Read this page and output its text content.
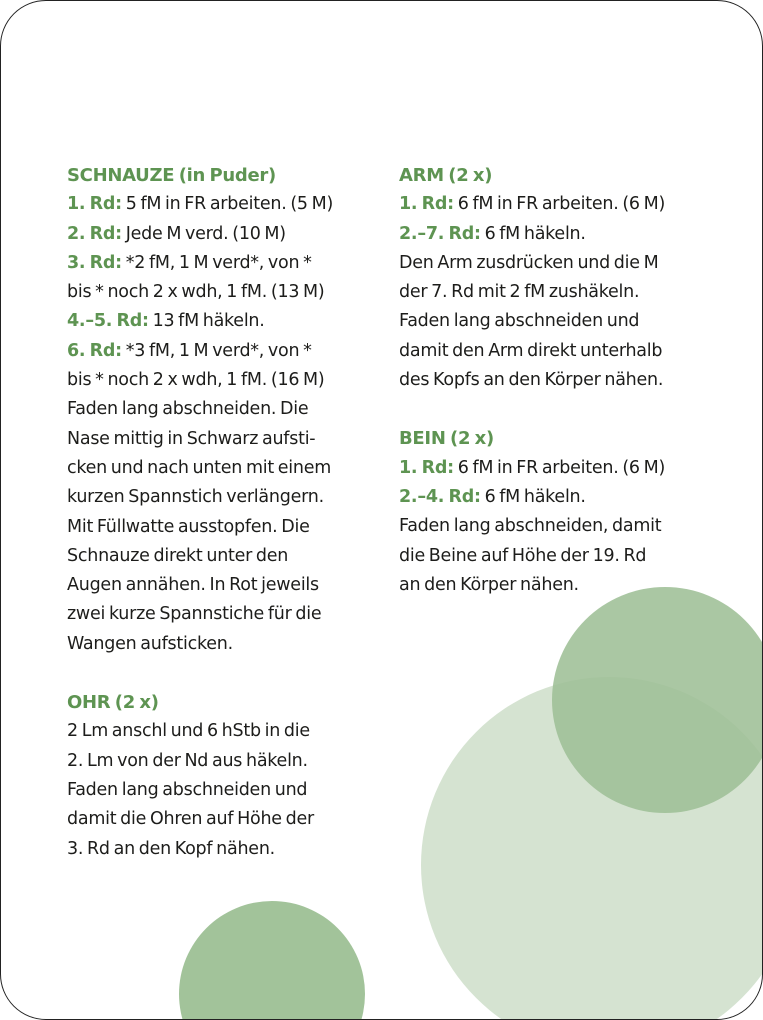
SCHNAUZE (in Puder)

1. Rd: 5 fM in FR arbeiten. (5 M)

2. Rd: Jede M verd. (10 M)

3. Rd: *2 fM, 1 M verd*, von *

bis * noch 2 x wdh, 1 fM. (13 M)

4.–5. Rd: 13 fM häkeln.

6. Rd: *3 fM, 1 M verd*, von *

bis * noch 2 x wdh, 1 fM. (16 M)

Faden lang abschneiden. Die
Nase mittig in Schwarz aufsti-
cken und nach unten mit einem
kurzen Spannstich verlängern.
Mit Füllwatte ausstopfen. Die
Schnauze direkt unter den
Augen annähen. In Rot jeweils
zwei kurze Spannstiche für die
Wangen aufsticken.

OHR (2 x)

2 Lm anschl und 6 hStb in die
2. Lm von der Nd aus häkeln.
Faden lang abschneiden und
damit die Ohren auf Höhe der
3. Rd an den Kopf nähen.

ARM (2 x)

1. Rd: 6 fM in FR arbeiten. (6 M)

2.–7. Rd: 6 fM häkeln.

Den Arm zusdrücken und die M
der 7. Rd mit 2 fM zushäkeln.
Faden lang abschneiden und
damit den Arm direkt unterhalb
des Kopfs an den Körper nähen.

BEIN (2 x)

1. Rd: 6 fM in FR arbeiten. (6 M)

2.–4. Rd: 6 fM häkeln.

Faden lang abschneiden, damit
die Beine auf Höhe der 19. Rd
an den Körper nähen.
